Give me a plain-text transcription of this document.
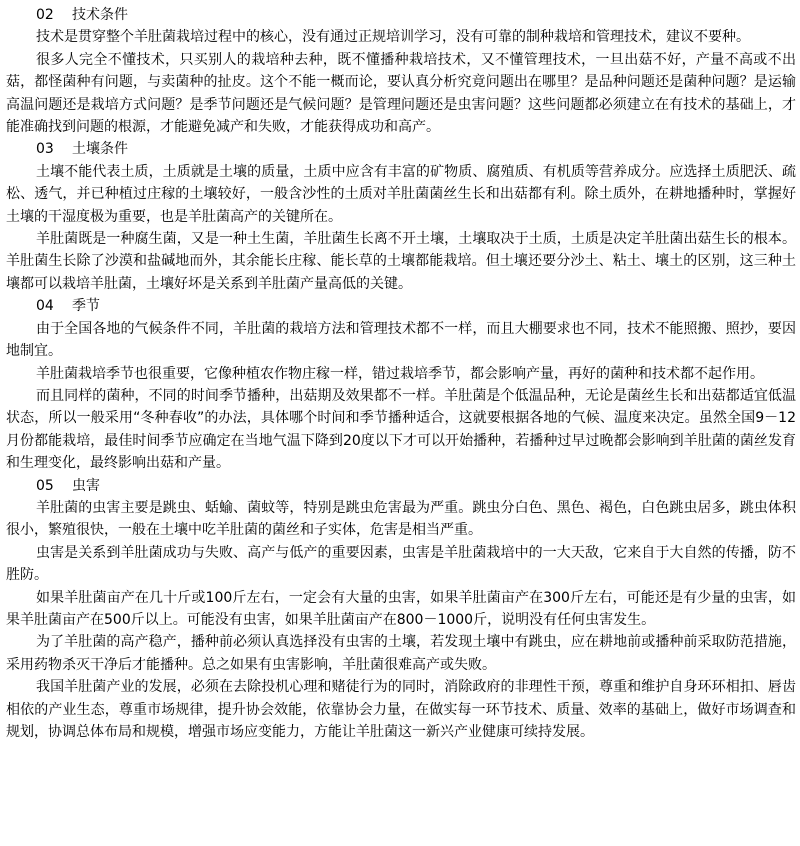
02 技术条件

技术是贯穿整个羊肚菌栽培过程中的核心，没有通过正规培训学习，没有可靠的制种栽培和管理技术，建议不要种。

很多人完全不懂技术，只买别人的栽培种去种，既不懂播种栽培技术，又不懂管理技术，一旦出菇不好，产量不高或不出菇，都怪菌种有问题，与卖菌种的扯皮。这个不能一概而论，要认真分析究竟问题出在哪里？是品种问题还是菌种问题？是运输高温问题还是栽培方式问题？是季节问题还是气候问题？是管理问题还是虫害问题？这些问题都必须建立在有技术的基础上，才能准确找到问题的根源，才能避免减产和失败，才能获得成功和高产。

03 土壤条件

土壤不能代表土质，土质就是土壤的质量，土质中应含有丰富的矿物质、腐殖质、有机质等营养成分。应选择土质肥沃、疏松、透气，并已种植过庄稼的土壤较好，一般含沙性的土质对羊肚菌菌丝生长和出菇都有利。除土质外，在耕地播种时，掌握好土壤的干湿度极为重要，也是羊肚菌高产的关键所在。

羊肚菌既是一种腐生菌，又是一种土生菌，羊肚菌生长离不开土壤，土壤取决于土质，土质是决定羊肚菌出菇生长的根本。羊肚菌生长除了沙漠和盐碱地而外，其余能长庄稼、能长草的土壤都能栽培。但土壤还要分沙土、粘土、壤土的区别，这三种土壤都可以栽培羊肚菌，土壤好坏是关系到羊肚菌产量高低的关键。

04 季节

由于全国各地的气候条件不同，羊肚菌的栽培方法和管理技术都不一样，而且大棚要求也不同，技术不能照搬、照抄，要因地制宜。

羊肚菌栽培季节也很重要，它像种植农作物庄稼一样，错过栽培季节，都会影响产量，再好的菌种和技术都不起作用。

而且同样的菌种，不同的时间季节播种，出菇期及效果都不一样。羊肚菌是个低温品种，无论是菌丝生长和出菇都适宜低温状态，所以一般采用“冬种春收”的办法，具体哪个时间和季节播种适合，这就要根据各地的气候、温度来决定。虽然全国9－12月份都能栽培，最佳时间季节应确定在当地气温下降到20度以下才可以开始播种，若播种过早过晚都会影响到羊肚菌的菌丝发育和生理变化，最终影响出菇和产量。

05 虫害

羊肚菌的虫害主要是跳虫、蛞蝓、菌蚊等，特别是跳虫危害最为严重。跳虫分白色、黑色、褐色，白色跳虫居多，跳虫体积很小，繁殖很快，一般在土壤中吃羊肚菌的菌丝和子实体，危害是相当严重。

虫害是关系到羊肚菌成功与失败、高产与低产的重要因素，虫害是羊肚菌栽培中的一大天敌，它来自于大自然的传播，防不胜防。

如果羊肚菌亩产在几十斤或100斤左右，一定会有大量的虫害，如果羊肚菌亩产在300斤左右，可能还是有少量的虫害，如果羊肚菌亩产在500斤以上。可能没有虫害，如果羊肚菌亩产在800－1000斤，说明没有任何虫害发生。

为了羊肚菌的高产稳产，播种前必须认真选择没有虫害的土壤，若发现土壤中有跳虫，应在耕地前或播种前采取防范措施，采用药物杀灭干净后才能播种。总之如果有虫害影响，羊肚菌很难高产或失败。

我国羊肚菌产业的发展，必须在去除投机心理和赌徒行为的同时，消除政府的非理性干预，尊重和维护自身环环相扣、唇齿相依的产业生态，尊重市场规律，提升协会效能，依靠协会力量，在做实每一环节技术、质量、效率的基础上，做好市场调查和规划，协调总体布局和规模，增强市场应变能力，方能让羊肚菌这一新兴产业健康可续持发展。
